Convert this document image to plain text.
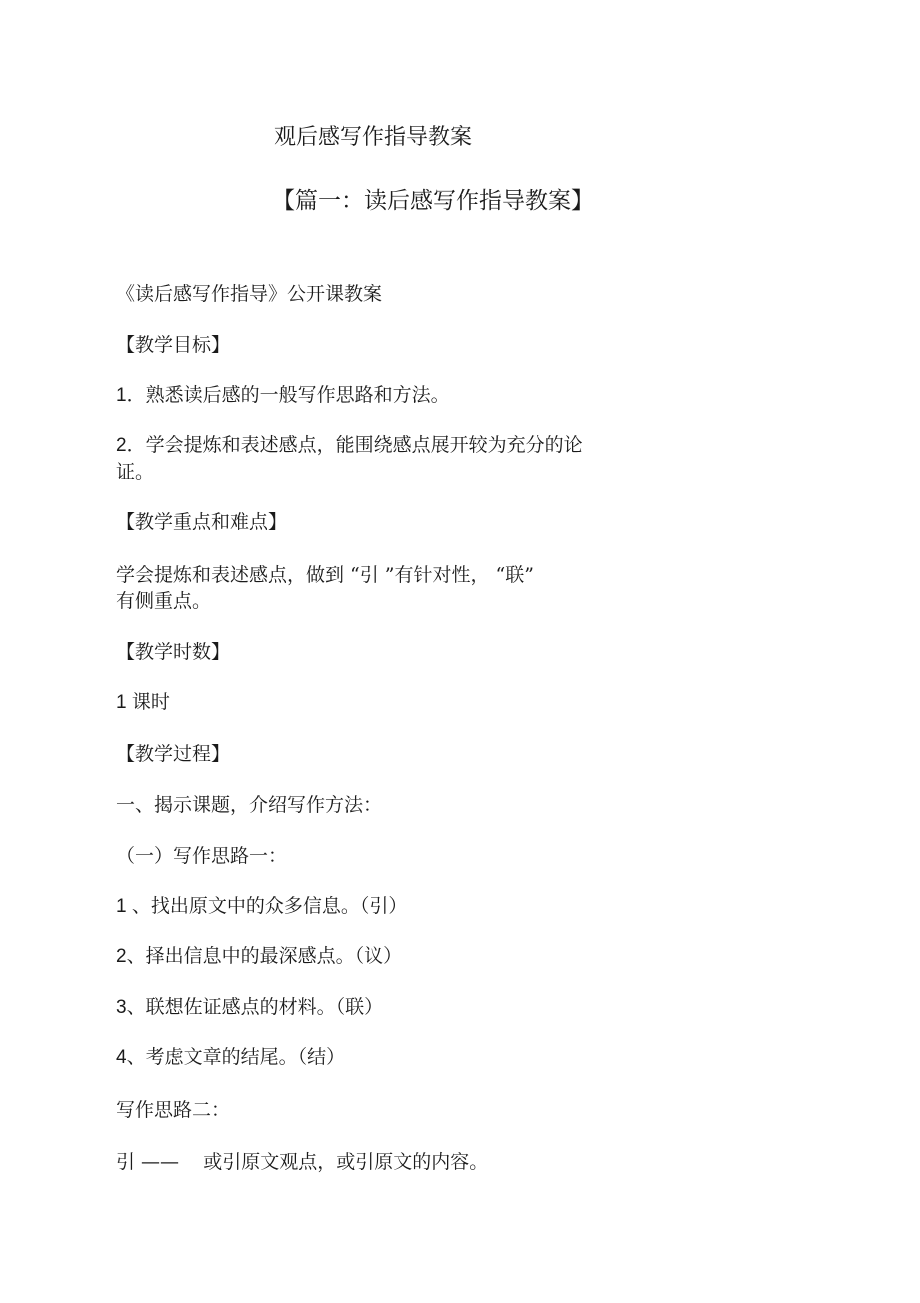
观后感写作指导教案
【篇一：读后感写作指导教案】
《读后感写作指导》公开课教案
【教学目标】
1．熟悉读后感的一般写作思路和方法。
2．学会提炼和表述感点，能围绕感点展开较为充分的论
证。
【教学重点和难点】
学会提炼和表述感点，做到 “引 ”有针对性， “联”
有侧重点。
【教学时数】
1 课时
【教学过程】
一、揭示课题，介绍写作方法：
（一）写作思路一：
1 、找出原文中的众多信息。（引）
2、择出信息中的最深感点。（议）
3、联想佐证感点的材料。（联）
4、考虑文章的结尾。（结）
写作思路二：
引 ——    或引原文观点，或引原文的内容。
